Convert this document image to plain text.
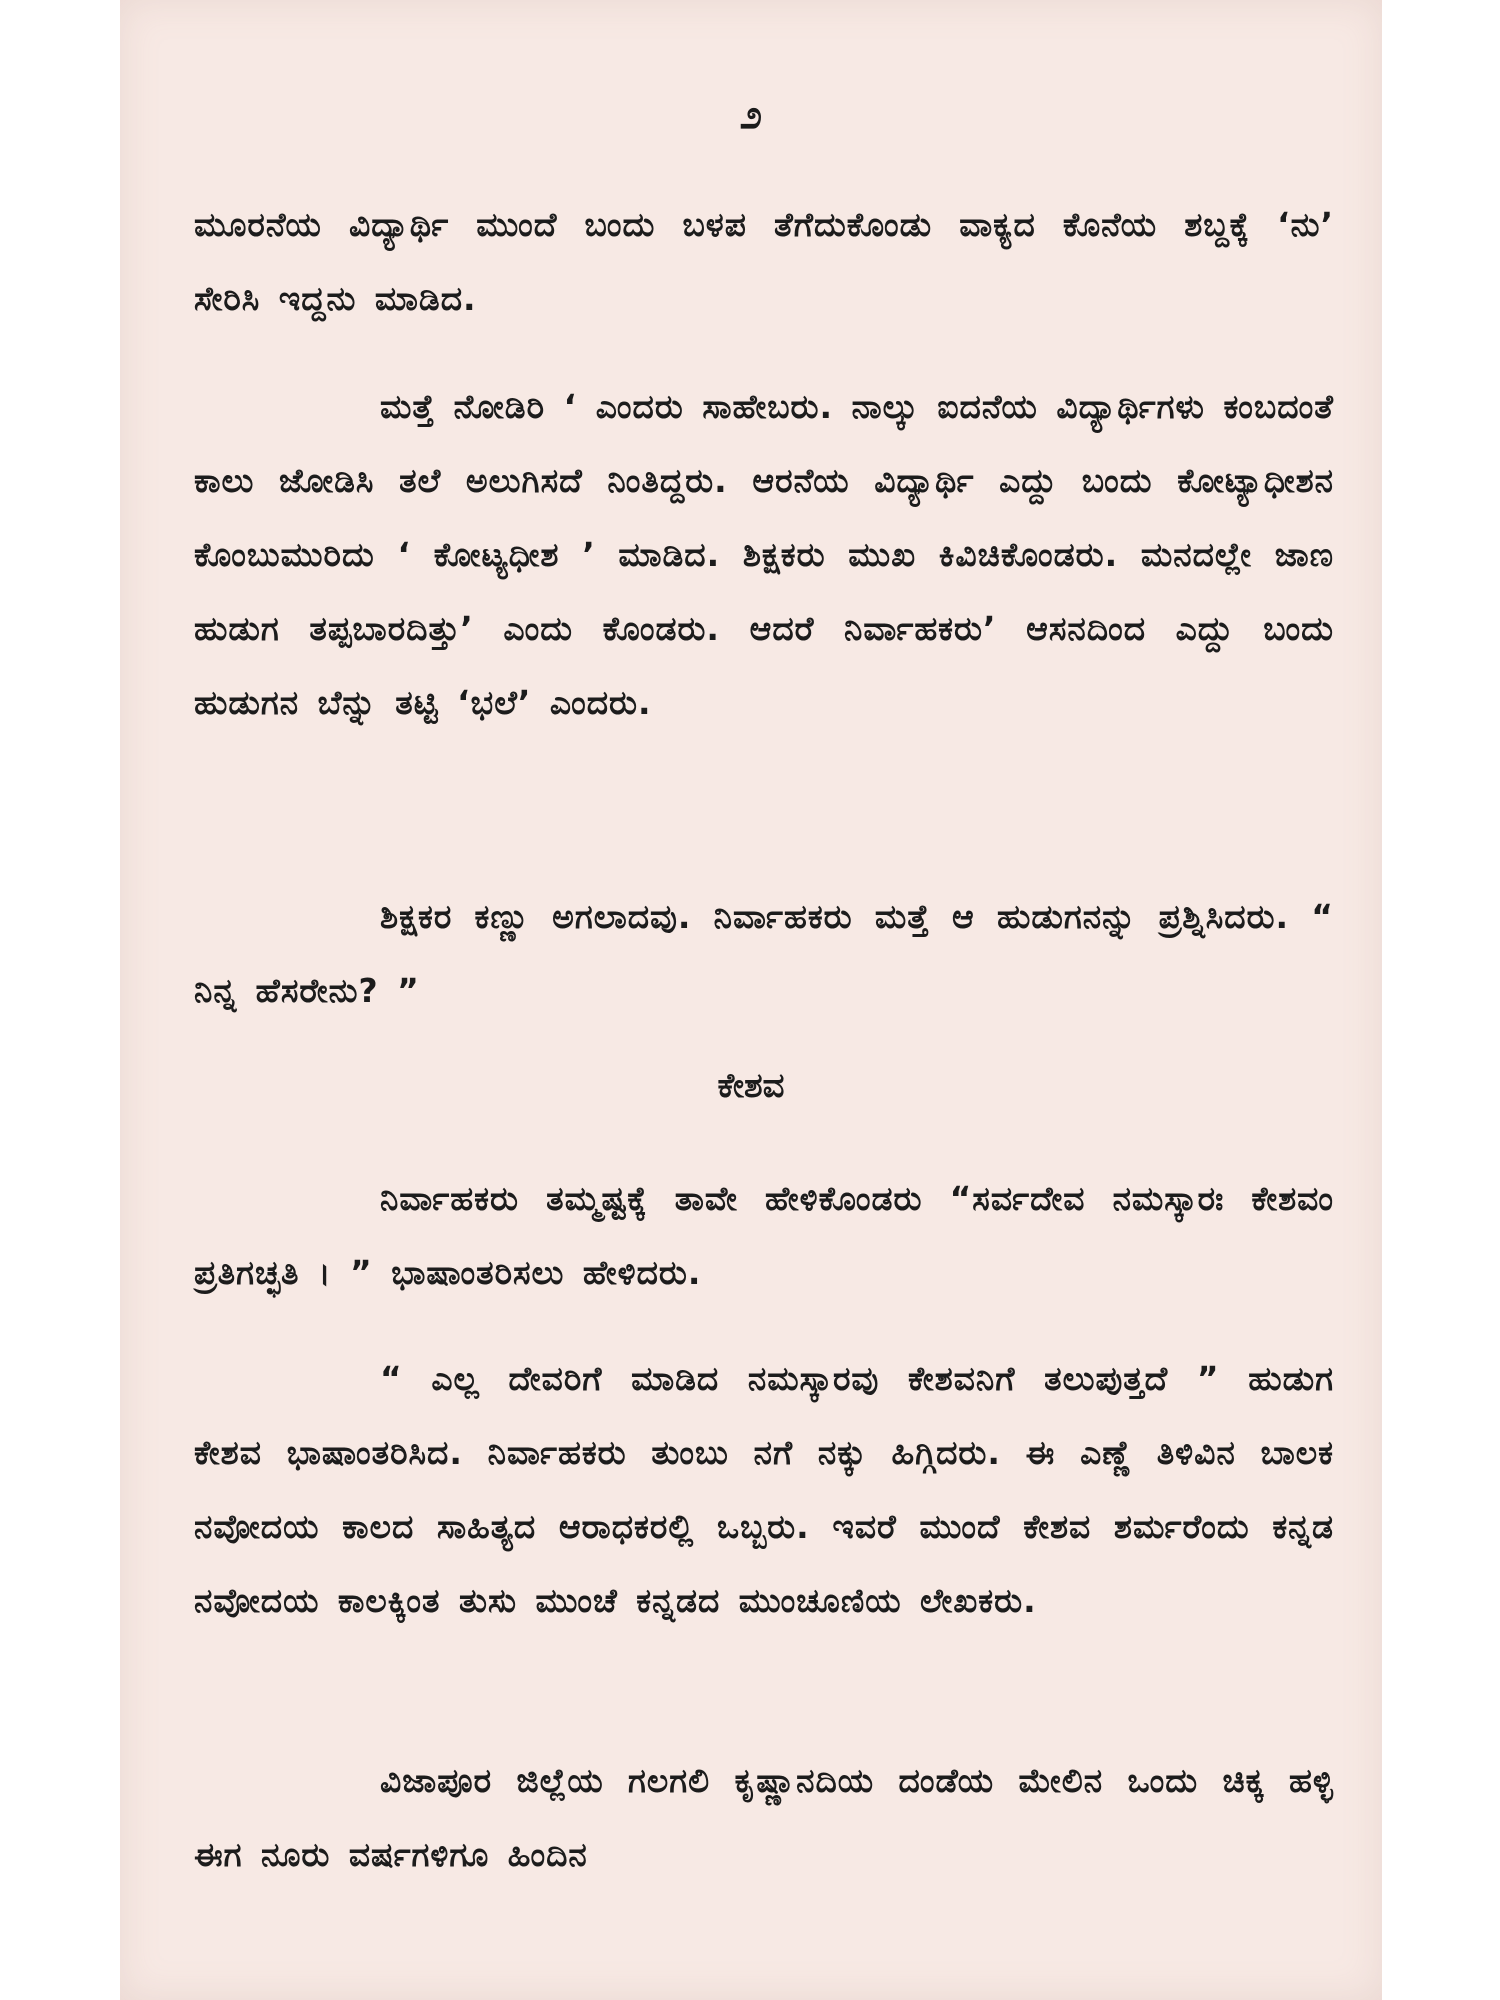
೨

ಮೂರನೆಯ ವಿದ್ಯಾರ್ಥಿ ಮುಂದೆ ಬಂದು ಬಳಪ ತೆಗೆದುಕೊಂಡು ವಾಕ್ಯದ ಕೊನೆಯ ಶಬ್ದಕ್ಕೆ ‘ನು’ ಸೇರಿಸಿ ಇದ್ದನು ಮಾಡಿದ.

ಮತ್ತೆ ನೋಡಿರಿ ‘ ಎಂದರು ಸಾಹೇಬರು. ನಾಲ್ಕು ಐದನೆಯ ವಿದ್ಯಾರ್ಥಿಗಳು ಕಂಬದಂತೆ ಕಾಲು ಜೋಡಿಸಿ ತಲೆ ಅಲುಗಿಸದೆ ನಿಂತಿದ್ದರು. ಆರನೆಯ ವಿದ್ಯಾರ್ಥಿ ಎದ್ದು ಬಂದು ಕೋಟ್ಯಾಧೀಶನ ಕೊಂಬುಮುರಿದು ‘ ಕೋಟ್ಯಧೀಶ ’ ಮಾಡಿದ. ಶಿಕ್ಷಕರು ಮುಖ ಕಿವಿಚಿಕೊಂಡರು. ಮನದಲ್ಲೇ ಜಾಣ ಹುಡುಗ ತಪ್ಪಬಾರದಿತ್ತು’ ಎಂದು ಕೊಂಡರು. ಆದರೆ ನಿರ್ವಾಹಕರು’ ಆಸನದಿಂದ ಎದ್ದು ಬಂದು ಹುಡುಗನ ಬೆನ್ನು ತಟ್ಟಿ ‘ಭಲೆ’ ಎಂದರು.

ಶಿಕ್ಷಕರ ಕಣ್ಣು ಅಗಲಾದವು. ನಿರ್ವಾಹಕರು ಮತ್ತೆ ಆ ಹುಡುಗನನ್ನು ಪ್ರಶ್ನಿಸಿದರು. “ ನಿನ್ನ ಹೆಸರೇನು? ”

ಕೇಶವ

ನಿರ್ವಾಹಕರು ತಮ್ಮಷ್ಟಕ್ಕೆ ತಾವೇ ಹೇಳಿಕೊಂಡರು “ಸರ್ವದೇವ ನಮಸ್ಕಾರಃ ಕೇಶವಂ ಪ್ರತಿಗಚ್ಛತಿ । ” ಭಾಷಾಂತರಿಸಲು ಹೇಳಿದರು.

“ ಎಲ್ಲ ದೇವರಿಗೆ ಮಾಡಿದ ನಮಸ್ಕಾರವು ಕೇಶವನಿಗೆ ತಲುಪುತ್ತದೆ ” ಹುಡುಗ ಕೇಶವ ಭಾಷಾಂತರಿಸಿದ. ನಿರ್ವಾಹಕರು ತುಂಬು ನಗೆ ನಕ್ಕು ಹಿಗ್ಗಿದರು. ಈ ಎಣ್ಣೆ ತಿಳಿವಿನ ಬಾಲಕ ನವೋದಯ ಕಾಲದ ಸಾಹಿತ್ಯದ ಆರಾಧಕರಲ್ಲಿ ಒಬ್ಬರು. ಇವರೆ ಮುಂದೆ ಕೇಶವ ಶರ್ಮರೆಂದು ಕನ್ನಡ ನವೋದಯ ಕಾಲಕ್ಕಿಂತ ತುಸು ಮುಂಚೆ ಕನ್ನಡದ ಮುಂಚೂಣಿಯ ಲೇಖಕರು.

ವಿಜಾಪೂರ ಜಿಲ್ಲೆಯ ಗಲಗಲಿ ಕೃಷ್ಣಾನದಿಯ ದಂಡೆಯ ಮೇಲಿನ ಒಂದು ಚಿಕ್ಕ ಹಳ್ಳಿ ಈಗ ನೂರು ವರ್ಷಗಳಿಗೂ ಹಿಂದಿನ
